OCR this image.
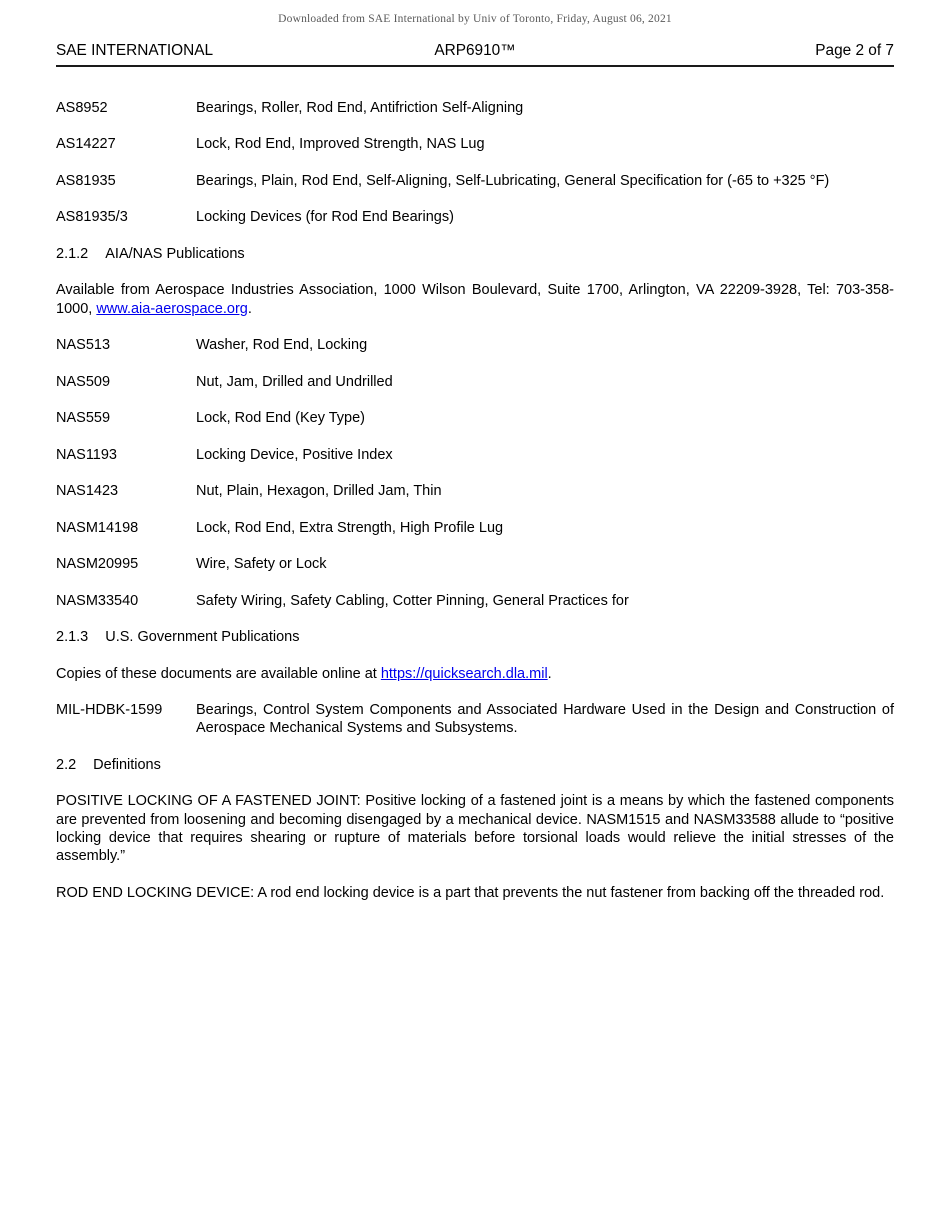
Downloaded from SAE International by Univ of Toronto, Friday, August 06, 2021
SAE INTERNATIONAL	ARP6910™	Page 2 of 7
AS8952	Bearings, Roller, Rod End, Antifriction Self-Aligning
AS14227	Lock, Rod End, Improved Strength, NAS Lug
AS81935	Bearings, Plain, Rod End, Self-Aligning, Self-Lubricating, General Specification for (-65 to +325 °F)
AS81935/3	Locking Devices (for Rod End Bearings)
2.1.2 AIA/NAS Publications
Available from Aerospace Industries Association, 1000 Wilson Boulevard, Suite 1700, Arlington, VA 22209-3928, Tel: 703-358-1000, www.aia-aerospace.org.
NAS513	Washer, Rod End, Locking
NAS509	Nut, Jam, Drilled and Undrilled
NAS559	Lock, Rod End (Key Type)
NAS1193	Locking Device, Positive Index
NAS1423	Nut, Plain, Hexagon, Drilled Jam, Thin
NASM14198	Lock, Rod End, Extra Strength, High Profile Lug
NASM20995	Wire, Safety or Lock
NASM33540	Safety Wiring, Safety Cabling, Cotter Pinning, General Practices for
2.1.3 U.S. Government Publications
Copies of these documents are available online at https://quicksearch.dla.mil.
MIL-HDBK-1599	Bearings, Control System Components and Associated Hardware Used in the Design and Construction of Aerospace Mechanical Systems and Subsystems.
2.2 Definitions
POSITIVE LOCKING OF A FASTENED JOINT: Positive locking of a fastened joint is a means by which the fastened components are prevented from loosening and becoming disengaged by a mechanical device. NASM1515 and NASM33588 allude to “positive locking device that requires shearing or rupture of materials before torsional loads would relieve the initial stresses of the assembly.”
ROD END LOCKING DEVICE: A rod end locking device is a part that prevents the nut fastener from backing off the threaded rod.
